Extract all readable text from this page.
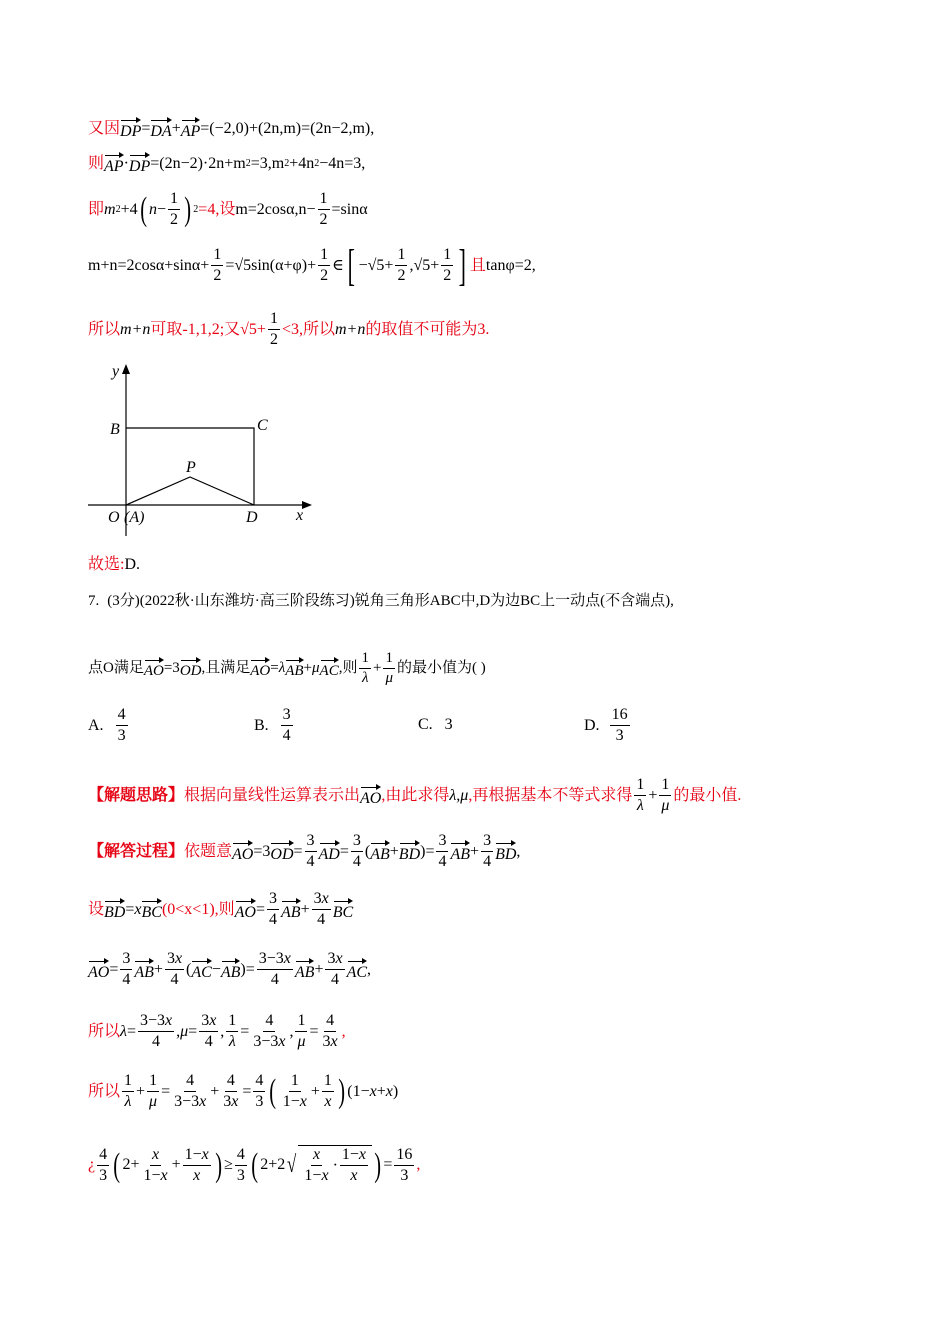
又因 DP = DA + AP =(−2,0)+(2n,m)=(2n−2,m),
则 AP · DP =(2n−2)·2n+m 2 =3,m 2 +4n 2 −4n=3,
即 m 2 +4 ( $n - \frac{1}{2}$ ) 2 =4,设 $m=2\cos\alpha,n- \frac{1}{2} =\sin\alpha$
$m+n=2\cos\alpha+\sin\alpha+ \frac{1}{2} =√5\sin(\alpha+\varphi)+ \frac{1}{2}$ ∈ [ $-√5+ \frac{1}{2} ,√5+ \frac{1}{2}$ ] 且 tanφ=2,
所以 m+n 可取-1,1,2;又$√5+ \frac{1}{2} <3$,所以 m+n 的取值不可能为3.
y
x
B	C
P
O (A)	D
故选: D.
7. (3分) (2022秋·山东潍坊·高三阶段练习) 锐角三角形ABC中,D为边BC上一动点(不含端点),
点O满足 AO =3 OD ,且满足 AO = λ AB + μ AC ,则 $\frac{1}{\lambda} + \frac{1}{\mu}$ 的最小值为( )
A. $\frac{4}{3}$	B. $\frac{3}{4}$	C. 3	D. $\frac{16}{3}$
【解题思路】 根据向量线性运算表示出 AO ,由此求得 λ,μ ,再根据基本不等式求得 $\frac{1}{\lambda} + \frac{1}{\mu}$ 的最小值.
【解答过程】 依题意 AO =3 OD = $\frac{3}{4}$ AD = $\frac{3}{4}$ ( AB + BD )= $\frac{3}{4}$ AB + $\frac{3}{4}$ BD ,
设 BD = x BC (0<x<1),则 AO = $\frac{3}{4}$ AB + $\frac{3x}{4}$ BC
AO = $\frac{3}{4}$ AB + $\frac{3x}{4}$ ( AC − AB )= $\frac{3-3x}{4}$ AB + $\frac{3x}{4}$ AC ,
所以 $\lambda = \frac{3-3x}{4}$ , $\mu = \frac{3x}{4}$ , $\frac{1}{\lambda} = \frac{4}{3-3x}$ , $\frac{1}{\mu} = \frac{4}{3x}$ ,
所以 $\frac{1}{\lambda} + \frac{1}{\mu} = \frac{4}{3-3x} + \frac{4}{3x} = \frac{4}{3}$ ( $\frac{1}{1-x} + \frac{1}{x}$ ) (1− x + x )
¿ $\frac{4}{3}$ ( $2+ \frac{x}{1-x} + \frac{1-x}{x}$ ) ≥ $\frac{4}{3}$ ( 2+2 √ $\frac{x}{1-x} \cdot \frac{1-x}{x}$ ) = $\frac{16}{3}$ ,
